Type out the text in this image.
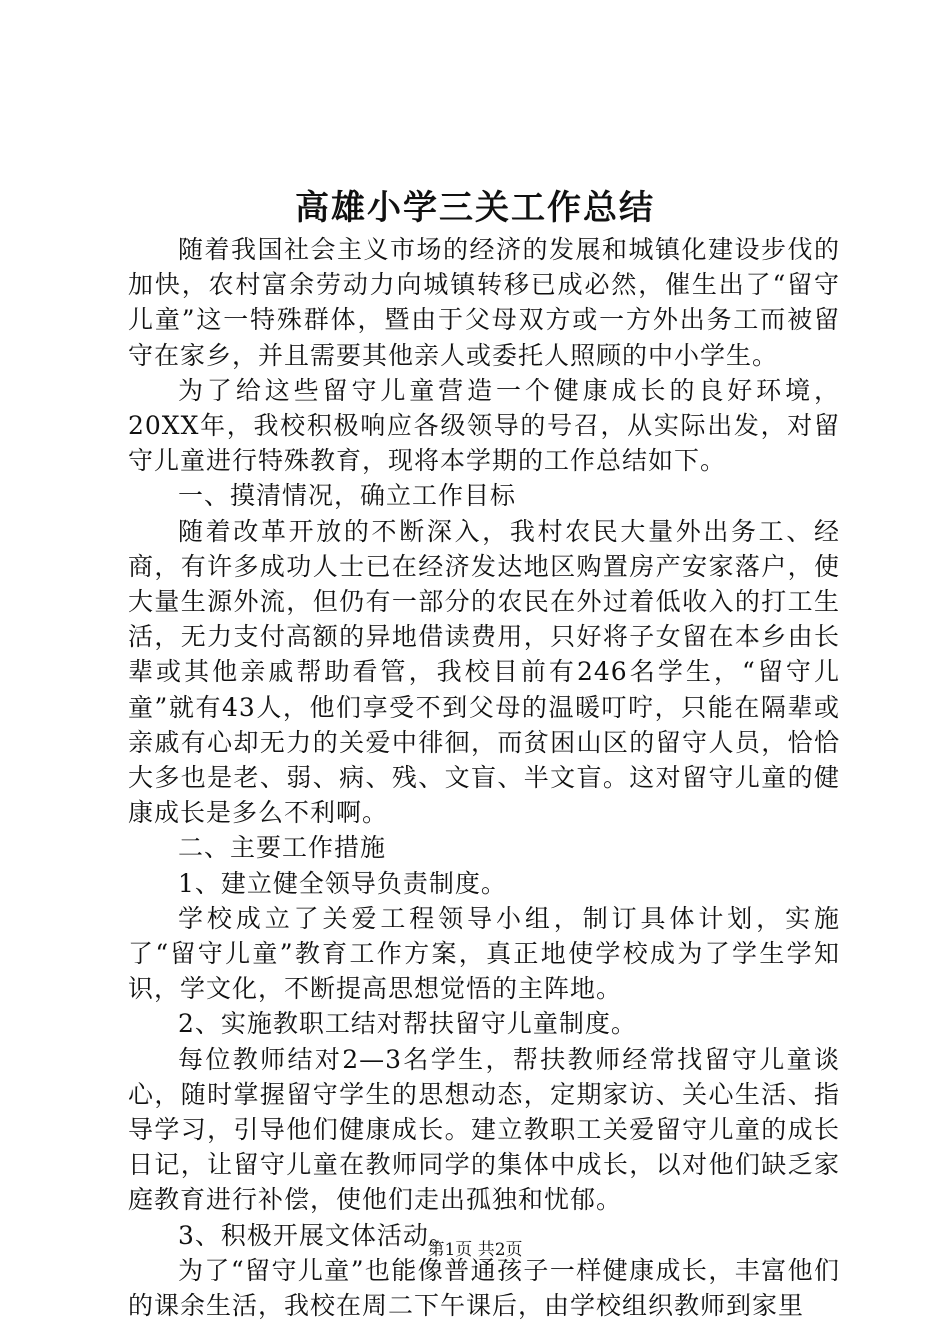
高雄小学三关工作总结

随着我国社会主义市场的经济的发展和城镇化建设步伐的加快，农村富余劳动力向城镇转移已成必然，催生出了“留守儿童”这一特殊群体，暨由于父母双方或一方外出务工而被留守在家乡，并且需要其他亲人或委托人照顾的中小学生。

为了给这些留守儿童营造一个健康成长的良好环境，20XX年，我校积极响应各级领导的号召，从实际出发，对留守儿童进行特殊教育，现将本学期的工作总结如下。

一、摸清情况，确立工作目标

随着改革开放的不断深入，我村农民大量外出务工、经商，有许多成功人士已在经济发达地区购置房产安家落户，使大量生源外流，但仍有一部分的农民在外过着低收入的打工生活，无力支付高额的异地借读费用，只好将子女留在本乡由长辈或其他亲戚帮助看管，我校目前有246名学生，“留守儿童”就有43人，他们享受不到父母的温暖叮咛，只能在隔辈或亲戚有心却无力的关爱中徘徊，而贫困山区的留守人员，恰恰大多也是老、弱、病、残、文盲、半文盲。这对留守儿童的健康成长是多么不利啊。

二、主要工作措施

1、建立健全领导负责制度。

学校成立了关爱工程领导小组，制订具体计划，实施了“留守儿童”教育工作方案，真正地使学校成为了学生学知识，学文化，不断提高思想觉悟的主阵地。

2、实施教职工结对帮扶留守儿童制度。

每位教师结对2—3名学生，帮扶教师经常找留守儿童谈心，随时掌握留守学生的思想动态，定期家访、关心生活、指导学习，引导他们健康成长。建立教职工关爱留守儿童的成长日记，让留守儿童在教师同学的集体中成长，以对他们缺乏家庭教育进行补偿，使他们走出孤独和忧郁。

3、积极开展文体活动。

为了“留守儿童”也能像普通孩子一样健康成长，丰富他们的课余生活，我校在周二下午课后，由学校组织教师到家里

第1页 共2页
